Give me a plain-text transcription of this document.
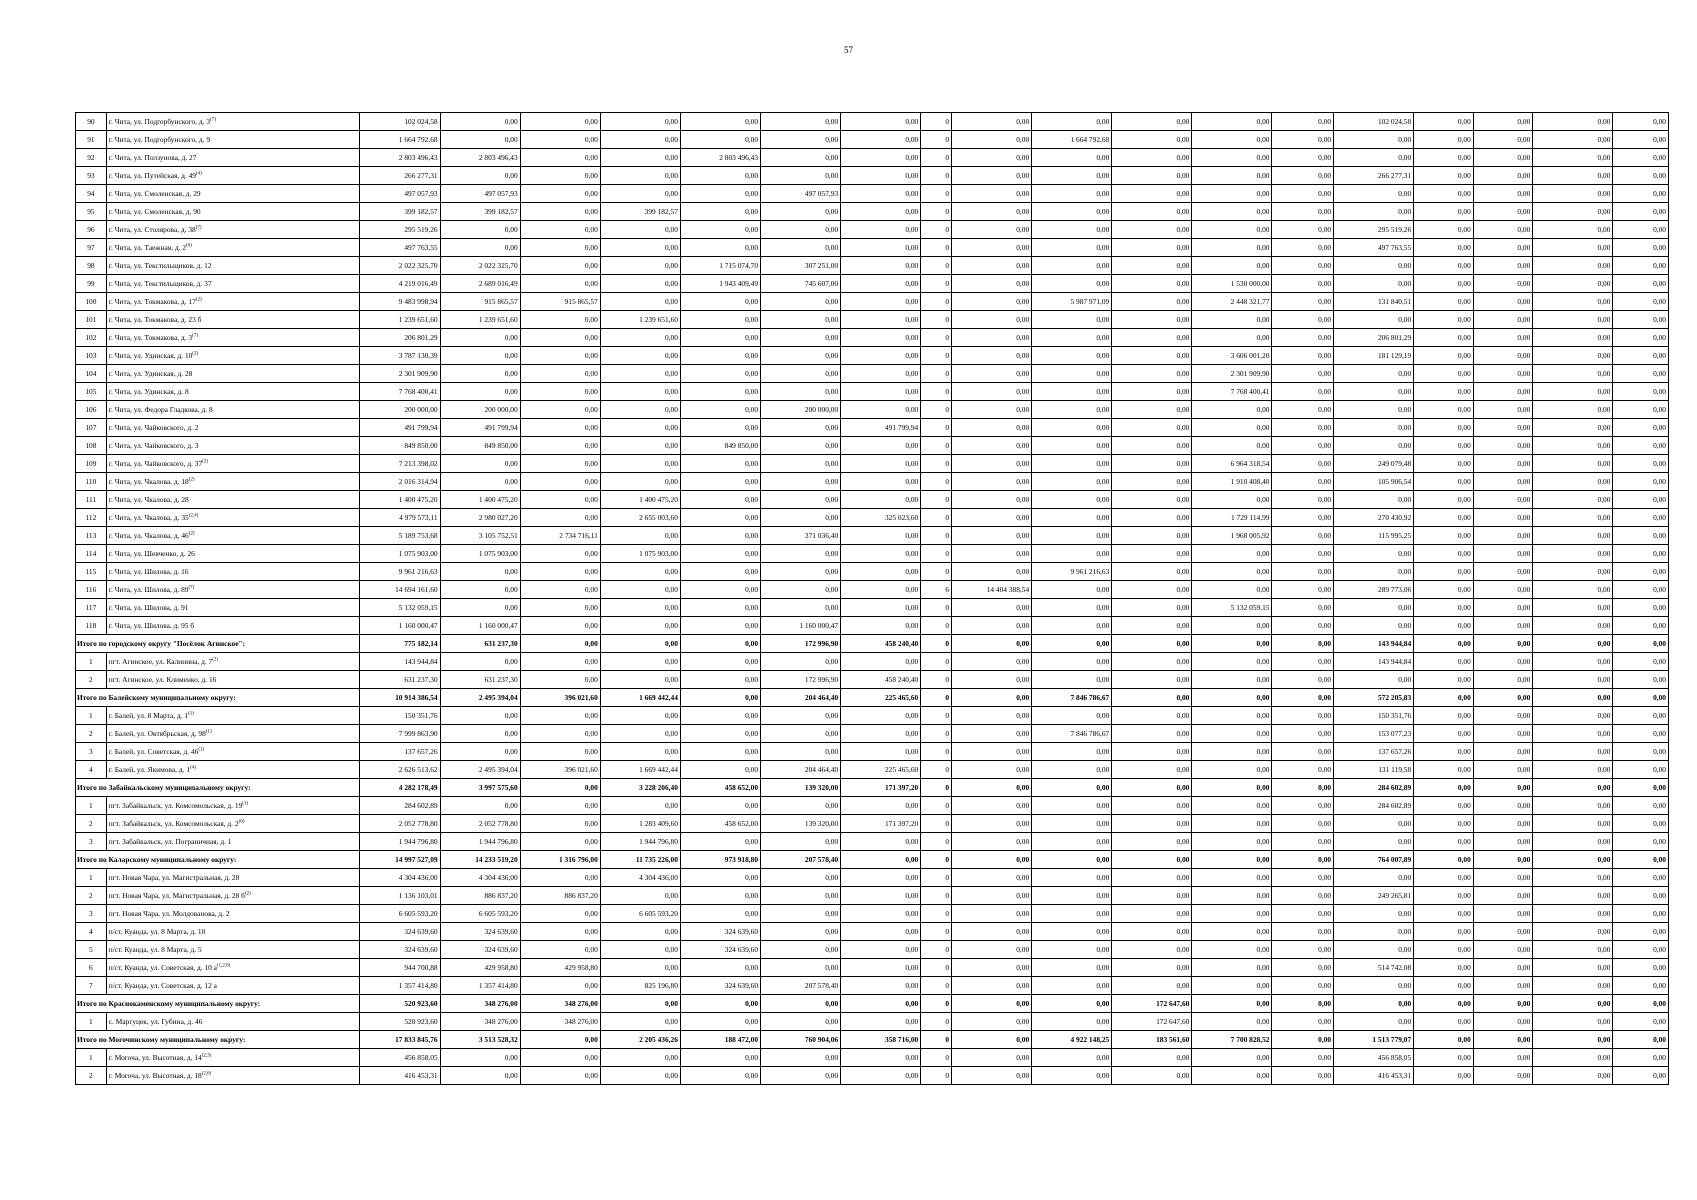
57
90	г. Чита, ул. Подгорбунского, д. 3$^{(7)}$	102 024,58	0,00	0,00	0,00	0,00	0,00	0,00	0	0,00	0,00	0,00	0,00	0,00	102 024,58	0,00	0,00	0,00	0,00
91	г. Чита, ул. Подгорбунского, д. 9	1 664 792,68	0,00	0,00	0,00	0,00	0,00	0,00	0	0,00	1 664 792,68	0,00	0,00	0,00	0,00	0,00	0,00	0,00	0,00
92	г. Чита, ул. Ползунова, д. 27	2 803 496,43	2 803 496,43	0,00	0,00	2 803 496,43	0,00	0,00	0	0,00	0,00	0,00	0,00	0,00	0,00	0,00	0,00	0,00	0,00
93	г. Чита, ул. Путейская, д. 49$^{(4)}$	266 277,31	0,00	0,00	0,00	0,00	0,00	0,00	0	0,00	0,00	0,00	0,00	0,00	266 277,31	0,00	0,00	0,00	0,00
94	г. Чита, ул. Смоленская, д. 29	497 057,93	497 057,93	0,00	0,00	0,00	497 057,93	0,00	0	0,00	0,00	0,00	0,00	0,00	0,00	0,00	0,00	0,00	0,00
95	г. Чита, ул. Смоленская, д. 90	399 182,57	399 182,57	0,00	399 182,57	0,00	0,00	0,00	0	0,00	0,00	0,00	0,00	0,00	0,00	0,00	0,00	0,00	0,00
96	г. Чита, ул. Столярова, д. 38$^{(7)}$	295 519,26	0,00	0,00	0,00	0,00	0,00	0,00	0	0,00	0,00	0,00	0,00	0,00	295 519,26	0,00	0,00	0,00	0,00
97	г. Чита, ул. Таежная, д. 2$^{(6)}$	497 763,55	0,00	0,00	0,00	0,00	0,00	0,00	0	0,00	0,00	0,00	0,00	0,00	497 763,55	0,00	0,00	0,00	0,00
98	г. Чита, ул. Текстильщиков, д. 12	2 022 325,70	2 022 325,70	0,00	0,00	1 715 074,70	307 251,00	0,00	0	0,00	0,00	0,00	0,00	0,00	0,00	0,00	0,00	0,00	0,00
99	г. Чита, ул. Текстильщиков, д. 37	4 219 016,49	2 689 016,49	0,00	0,00	1 943 409,49	745 607,00	0,00	0	0,00	0,00	0,00	1 530 000,00	0,00	0,00	0,00	0,00	0,00	0,00
100	г. Чита, ул. Токмакова, д. 17$^{(2)}$	9 483 998,94	915 865,57	915 865,57	0,00	0,00	0,00	0,00	0	0,00	5 987 971,09	0,00	2 448 321,77	0,00	131 840,51	0,00	0,00	0,00	0,00
101	г. Чита, ул. Токмакова, д. 23 б	1 239 651,60	1 239 651,60	0,00	1 239 651,60	0,00	0,00	0,00	0	0,00	0,00	0,00	0,00	0,00	0,00	0,00	0,00	0,00	0,00
102	г. Чита, ул. Токмакова, д. 3$^{(7)}$	206 801,29	0,00	0,00	0,00	0,00	0,00	0,00	0	0,00	0,00	0,00	0,00	0,00	206 801,29	0,00	0,00	0,00	0,00
103	г. Чита, ул. Удинская, д. 10$^{(2)}$	3 787 130,39	0,00	0,00	0,00	0,00	0,00	0,00	0	0,00	0,00	0,00	3 606 001,20	0,00	181 129,19	0,00	0,00	0,00	0,00
104	г. Чита, ул. Удинская, д. 28	2 301 909,90	0,00	0,00	0,00	0,00	0,00	0,00	0	0,00	0,00	0,00	2 301 909,90	0,00	0,00	0,00	0,00	0,00	0,00
105	г. Чита, ул. Удинская, д. 8	7 768 400,41	0,00	0,00	0,00	0,00	0,00	0,00	0	0,00	0,00	0,00	7 768 400,41	0,00	0,00	0,00	0,00	0,00	0,00
106	г. Чита, ул. Федора Гладкова, д. 8	200 000,00	200 000,00	0,00	0,00	0,00	200 000,00	0,00	0	0,00	0,00	0,00	0,00	0,00	0,00	0,00	0,00	0,00	0,00
107	г. Чита, ул. Чайковского, д. 2	491 799,94	491 799,94	0,00	0,00	0,00	0,00	491 799,94	0	0,00	0,00	0,00	0,00	0,00	0,00	0,00	0,00	0,00	0,00
108	г. Чита, ул. Чайковского, д. 3	849 850,00	849 850,00	0,00	0,00	849 850,00	0,00	0,00	0	0,00	0,00	0,00	0,00	0,00	0,00	0,00	0,00	0,00	0,00
109	г. Чита, ул. Чайковского, д. 37$^{(2)}$	7 213 398,02	0,00	0,00	0,00	0,00	0,00	0,00	0	0,00	0,00	0,00	6 964 318,54	0,00	249 079,48	0,00	0,00	0,00	0,00
110	г. Чита, ул. Чкалова, д. 18$^{(2)}$	2 016 314,94	0,00	0,00	0,00	0,00	0,00	0,00	0	0,00	0,00	0,00	1 910 408,40	0,00	105 906,54	0,00	0,00	0,00	0,00
111	г. Чита, ул. Чкалова, д. 28	1 400 475,20	1 400 475,20	0,00	1 400 475,20	0,00	0,00	0,00	0	0,00	0,00	0,00	0,00	0,00	0,00	0,00	0,00	0,00	0,00
112	г. Чита, ул. Чкалова, д. 35$^{(2,4)}$	4 979 573,11	2 980 027,20	0,00	2 655 003,60	0,00	0,00	325 023,60	0	0,00	0,00	0,00	1 729 114,99	0,00	270 430,92	0,00	0,00	0,00	0,00
113	г. Чита, ул. Чкалова, д. 46$^{(2)}$	5 189 753,68	3 105 752,51	2 734 716,11	0,00	0,00	371 036,40	0,00	0	0,00	0,00	0,00	1 968 005,92	0,00	115 995,25	0,00	0,00	0,00	0,00
114	г. Чита, ул. Шевченко, д. 26	1 075 903,00	1 075 903,00	0,00	1 075 903,00	0,00	0,00	0,00	0	0,00	0,00	0,00	0,00	0,00	0,00	0,00	0,00	0,00	0,00
115	г. Чита, ул. Шилова, д. 16	9 961 216,63	0,00	0,00	0,00	0,00	0,00	0,00	0	0,00	9 961 216,63	0,00	0,00	0,00	0,00	0,00	0,00	0,00	0,00
116	г. Чита, ул. Шилова, д. 89$^{(7)}$	14 694 161,60	0,00	0,00	0,00	0,00	0,00	0,00	6	14 404 388,54	0,00	0,00	0,00	0,00	289 773,06	0,00	0,00	0,00	0,00
117	г. Чита, ул. Шилова, д. 91	5 132 059,15	0,00	0,00	0,00	0,00	0,00	0,00	0	0,00	0,00	0,00	5 132 059,15	0,00	0,00	0,00	0,00	0,00	0,00
118	г. Чита, ул. Шилова, д. 95 б	1 160 000,47	1 160 000,47	0,00	0,00	0,00	1 160 000,47	0,00	0	0,00	0,00	0,00	0,00	0,00	0,00	0,00	0,00	0,00	0,00
Итого по городскому округу "Посёлок Агинское":		775 182,14	631 237,30	0,00	0,00	0,00	172 996,90	458 240,40	0	0,00	0,00	0,00	0,00	0,00	143 944,84	0,00	0,00	0,00	0,00
1	пгт. Агинское, ул. Калинина, д. 7$^{(2)}$	143 944,84	0,00	0,00	0,00	0,00	0,00	0,00	0	0,00	0,00	0,00	0,00	0,00	143 944,84	0,00	0,00	0,00	0,00
2	пгт. Агинское, ул. Клименко, д. 16	631 237,30	631 237,30	0,00	0,00	0,00	172 996,90	458 240,40	0	0,00	0,00	0,00	0,00	0,00	0,00	0,00	0,00	0,00	0,00
Итого по Балейскому муниципальному округу:		10 914 386,54	2 495 394,04	396 021,60	1 669 442,44	0,00	204 464,40	225 465,60	0	0,00	7 846 786,67	0,00	0,00	0,00	572 205,83	0,00	0,00	0,00	0,00
1	г. Балей, ул. 8 Марта, д. 1$^{(1)}$	150 351,76	0,00	0,00	0,00	0,00	0,00	0,00	0	0,00	0,00	0,00	0,00	0,00	150 351,76	0,00	0,00	0,00	0,00
2	г. Балей, ул. Октябрьская, д. 98$^{(1)}$	7 999 863,90	0,00	0,00	0,00	0,00	0,00	0,00	0	0,00	7 846 786,67	0,00	0,00	0,00	153 077,23	0,00	0,00	0,00	0,00
3	г. Балей, ул. Советская, д. 46$^{(1)}$	137 657,26	0,00	0,00	0,00	0,00	0,00	0,00	0	0,00	0,00	0,00	0,00	0,00	137 657,26	0,00	0,00	0,00	0,00
4	г. Балей, ул. Якимова, д. 1$^{(4)}$	2 626 513,62	2 495 394,04	396 021,60	1 669 442,44	0,00	204 464,40	225 465,60	0	0,00	0,00	0,00	0,00	0,00	131 119,58	0,00	0,00	0,00	0,00
Итого по Забайкальскому муниципальному округу:		4 282 178,49	3 997 575,60	0,00	3 228 206,40	458 652,00	139 320,00	171 397,20	0	0,00	0,00	0,00	0,00	0,00	284 602,89	0,00	0,00	0,00	0,00
1	пгт. Забайкальск, ул. Комсомольская, д. 19$^{(1)}$	284 602,89	0,00	0,00	0,00	0,00	0,00	0,00	0	0,00	0,00	0,00	0,00	0,00	284 602,89	0,00	0,00	0,00	0,00
2	пгт. Забайкальск, ул. Комсомольская, д. 2$^{(6)}$	2 052 778,80	2 052 778,80	0,00	1 283 409,60	458 652,00	139 320,00	171 397,20	0	0,00	0,00	0,00	0,00	0,00	0,00	0,00	0,00	0,00	0,00
3	пгт. Забайкальск, ул. Пограничная, д. 1	1 944 796,80	1 944 796,80	0,00	1 944 796,80	0,00	0,00	0,00	0	0,00	0,00	0,00	0,00	0,00	0,00	0,00	0,00	0,00	0,00
Итого по Каларскому муниципальному округу:		14 997 527,09	14 233 519,20	1 316 796,00	11 735 226,00	973 918,80	207 578,40	0,00	0	0,00	0,00	0,00	0,00	0,00	764 007,89	0,00	0,00	0,00	0,00
1	пгт. Новая Чара, ул. Магистральная, д. 28	4 304 436,00	4 304 436,00	0,00	4 304 436,00	0,00	0,00	0,00	0	0,00	0,00	0,00	0,00	0,00	0,00	0,00	0,00	0,00	0,00
2	пгт. Новая Чара, ул. Магистральная, д. 28 $б^{(2)}$	1 136 103,01	886 837,20	886 837,20	0,00	0,00	0,00	0,00	0	0,00	0,00	0,00	0,00	0,00	249 265,81	0,00	0,00	0,00	0,00
3	пгт. Новая Чара, ул. Молдованова, д. 2	6 605 593,20	6 605 593,20	0,00	6 605 593,20	0,00	0,00	0,00	0	0,00	0,00	0,00	0,00	0,00	0,00	0,00	0,00	0,00	0,00
4	п/ст. Куанда, ул. 8 Марта, д. 10	324 639,60	324 639,60	0,00	0,00	324 639,60	0,00	0,00	0	0,00	0,00	0,00	0,00	0,00	0,00	0,00	0,00	0,00	0,00
5	п/ст. Куанда, ул. 8 Марта, д. 5	324 639,60	324 639,60	0,00	0,00	324 639,60	0,00	0,00	0	0,00	0,00	0,00	0,00	0,00	0,00	0,00	0,00	0,00	0,00
6	п/ст. Куанда, ул. Советская, д. 10 $а^{(1,2,6)}$	944 700,88	429 958,80	429 958,80	0,00	0,00	0,00	0,00	0	0,00	0,00	0,00	0,00	0,00	514 742,08	0,00	0,00	0,00	0,00
7	п/ст. Куанда, ул. Советская, д. 12 а	1 357 414,80	1 357 414,80	0,00	825 196,80	324 639,60	207 578,40	0,00	0	0,00	0,00	0,00	0,00	0,00	0,00	0,00	0,00	0,00	0,00
Итого по Краснокаменскому муниципальному округу:		520 923,60	348 276,00	348 276,00	0,00	0,00	0,00	0,00	0	0,00	0,00	172 647,60	0,00	0,00	0,00	0,00	0,00	0,00	0,00
1	с. Маргуцек, ул. Губина, д. 46	520 923,60	348 276,00	348 276,00	0,00	0,00	0,00	0,00	0	0,00	0,00	172 647,60	0,00	0,00	0,00	0,00	0,00	0,00	0,00
Итого по Могочинскому муниципальному округу:		17 833 845,76	3 513 528,32	0,00	2 205 436,26	188 472,00	760 904,06	358 716,00	0	0,00	4 922 148,25	183 561,60	7 700 828,52	0,00	1 513 779,07	0,00	0,00	0,00	0,00
1	г. Могоча, ул. Высотная, д. 14$^{(2,3)}$	456 858,05	0,00	0,00	0,00	0,00	0,00	0,00	0	0,00	0,00	0,00	0,00	0,00	456 858,05	0,00	0,00	0,00	0,00
2	г. Могоча, ул. Высотная, д. 18$^{(2,6)}$	416 453,31	0,00	0,00	0,00	0,00	0,00	0,00	0	0,00	0,00	0,00	0,00	0,00	416 453,31	0,00	0,00	0,00	0,00
